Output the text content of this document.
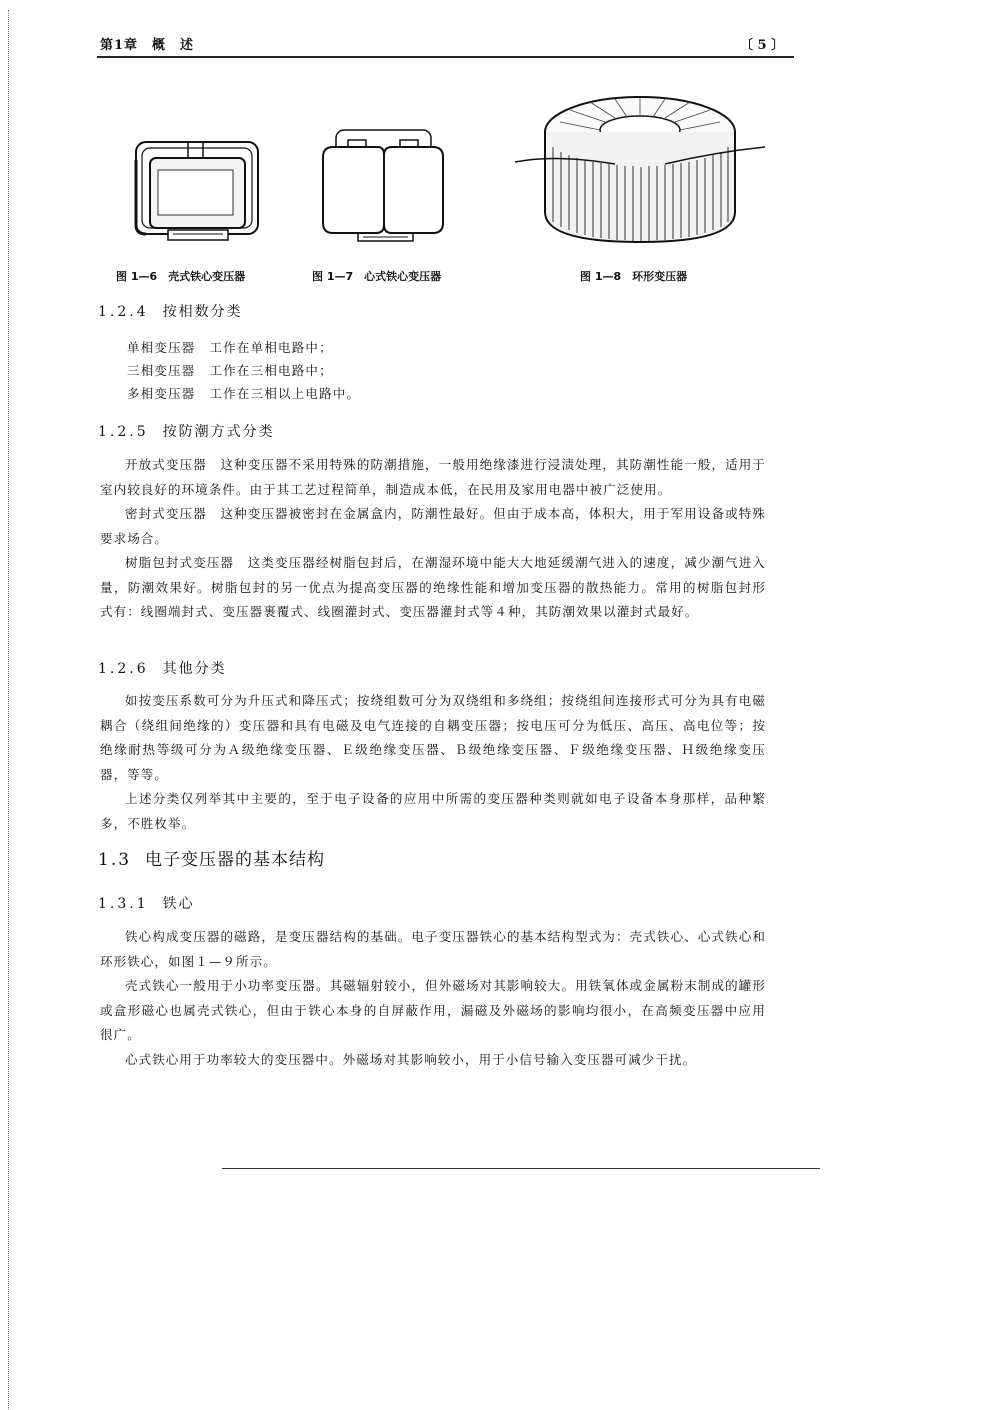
第1章　概　述	〔 5 〕
图 1—6　壳式铁心变压器	图 1—7　心式铁心变压器	图 1—8　环形变压器
1.2.4 按相数分类
单相变压器 工作在单相电路中；
三相变压器 工作在三相电路中；
多相变压器 工作在三相以上电路中。
1.2.5 按防潮方式分类

开放式变压器　这种变压器不采用特殊的防潮措施，一般用绝缘漆进行浸渍处理，其防潮性能一般，适用于室内较良好的环境条件。由于其工艺过程简单，制造成本低，在民用及家用电器中被广泛使用。

密封式变压器　这种变压器被密封在金属盒内，防潮性最好。但由于成本高，体积大，用于军用设备或特殊要求场合。

树脂包封式变压器　这类变压器经树脂包封后，在潮湿环境中能大大地延缓潮气进入的速度，减少潮气进入量，防潮效果好。树脂包封的另一优点为提高变压器的绝缘性能和增加变压器的散热能力。常用的树脂包封形式有：线圈端封式、变压器裹覆式、线圈灌封式、变压器灌封式等４种，其防潮效果以灌封式最好。

1.2.6 其他分类

如按变压系数可分为升压式和降压式；按绕组数可分为双绕组和多绕组；按绕组间连接形式可分为具有电磁耦合（绕组间绝缘的）变压器和具有电磁及电气连接的自耦变压器；按电压可分为低压、高压、高电位等；按绝缘耐热等级可分为Ａ级绝缘变压器、Ｅ级绝缘变压器、Ｂ级绝缘变压器、Ｆ级绝缘变压器、Ｈ级绝缘变压器，等等。

上述分类仅列举其中主要的，至于电子设备的应用中所需的变压器种类则就如电子设备本身那样，品种繁多，不胜枚举。

1.3 电子变压器的基本结构
1.3.1 铁心

铁心构成变压器的磁路，是变压器结构的基础。电子变压器铁心的基本结构型式为：壳式铁心、心式铁心和环形铁心，如图１—９所示。

壳式铁心一般用于小功率变压器。其磁辐射较小，但外磁场对其影响较大。用铁氧体或金属粉末制成的罐形或盒形磁心也属壳式铁心，但由于铁心本身的自屏蔽作用，漏磁及外磁场的影响均很小，在高频变压器中应用很广。

心式铁心用于功率较大的变压器中。外磁场对其影响较小，用于小信号输入变压器可减少干扰。
